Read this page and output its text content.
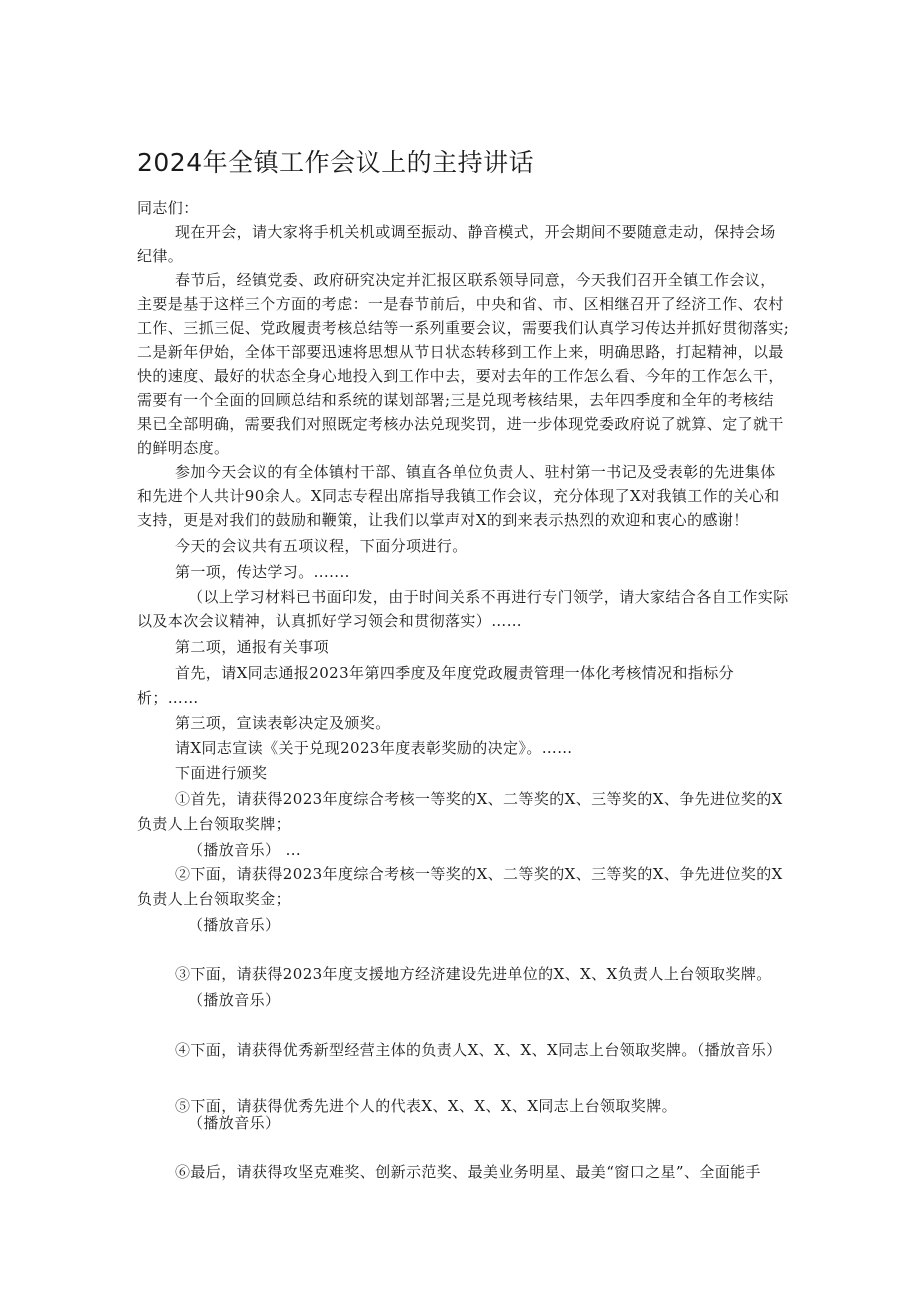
2024年全镇工作会议上的主持讲话
同志们：
现在开会，请大家将手机关机或调至振动、静音模式，开会期间不要随意走动，保持会场
纪律。
春节后，经镇党委、政府研究决定并汇报区联系领导同意，今天我们召开全镇工作会议，
主要是基于这样三个方面的考虑：一是春节前后，中央和省、市、区相继召开了经济工作、农村
工作、三抓三促、党政履责考核总结等一系列重要会议，需要我们认真学习传达并抓好贯彻落实;
二是新年伊始，全体干部要迅速将思想从节日状态转移到工作上来，明确思路，打起精神，以最
快的速度、最好的状态全身心地投入到工作中去，要对去年的工作怎么看、今年的工作怎么干，
需要有一个全面的回顾总结和系统的谋划部署;三是兑现考核结果，去年四季度和全年的考核结
果已全部明确，需要我们对照既定考核办法兑现奖罚，进一步体现党委政府说了就算、定了就干
的鲜明态度。
参加今天会议的有全体镇村干部、镇直各单位负责人、驻村第一书记及受表彰的先进集体
和先进个人共计90余人。X同志专程出席指导我镇工作会议，充分体现了X对我镇工作的关心和
支持，更是对我们的鼓励和鞭策，让我们以掌声对X的到来表示热烈的欢迎和衷心的感谢！
今天的会议共有五项议程，下面分项进行。
第一项，传达学习。.......
（以上学习材料已书面印发，由于时间关系不再进行专门领学，请大家结合各自工作实际
以及本次会议精神，认真抓好学习领会和贯彻落实）……
第二项，通报有关事项
首先，请X同志通报2023年第四季度及年度党政履责管理一体化考核情况和指标分
析；……
第三项，宣读表彰决定及颁奖。
请X同志宣读《关于兑现2023年度表彰奖励的决定》。……
下面进行颁奖
①首先，请获得2023年度综合考核一等奖的X、二等奖的X、三等奖的X、争先进位奖的X
负责人上台领取奖牌；
（播放音乐） ...
②下面，请获得2023年度综合考核一等奖的X、二等奖的X、三等奖的X、争先进位奖的X
负责人上台领取奖金；
（播放音乐）
③下面，请获得2023年度支援地方经济建设先进单位的X、X、X负责人上台领取奖牌。
（播放音乐）
④下面，请获得优秀新型经营主体的负责人X、X、X、X同志上台领取奖牌。（播放音乐）
⑤下面，请获得优秀先进个人的代表X、X、X、X、X同志上台领取奖牌。
（播放音乐）
⑥最后，请获得攻坚克难奖、创新示范奖、最美业务明星、最美“窗口之星”、全面能手
